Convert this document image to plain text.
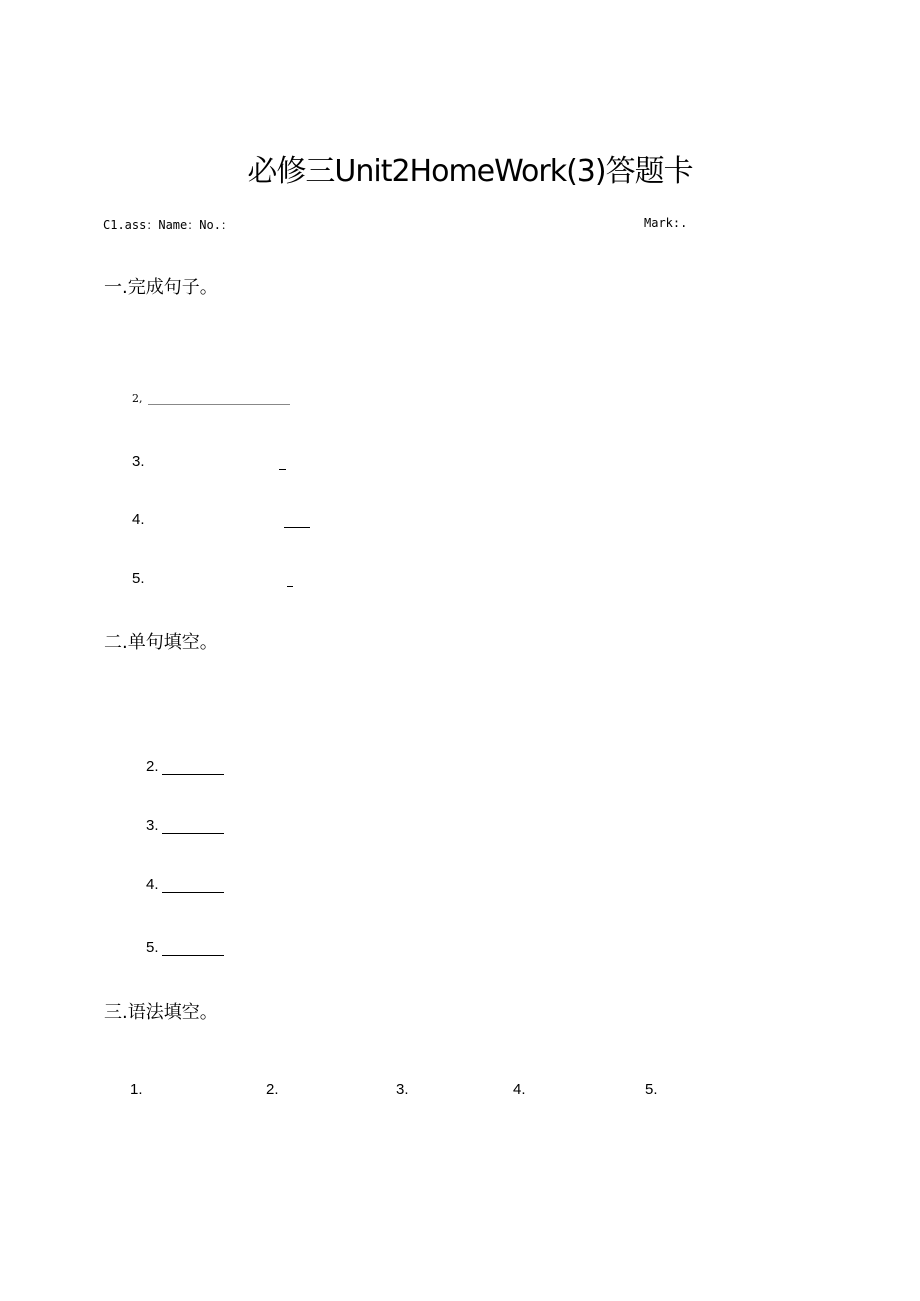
必修三Unit2HomeWork(3)答题卡
C1.ass：Name：No.：	Mark:.
一.完成句子。
2,
3.
4.
5.
二.单句填空。
2.
3.
4.
5.
三.语法填空。
1.	2.	3.	4.	5.
